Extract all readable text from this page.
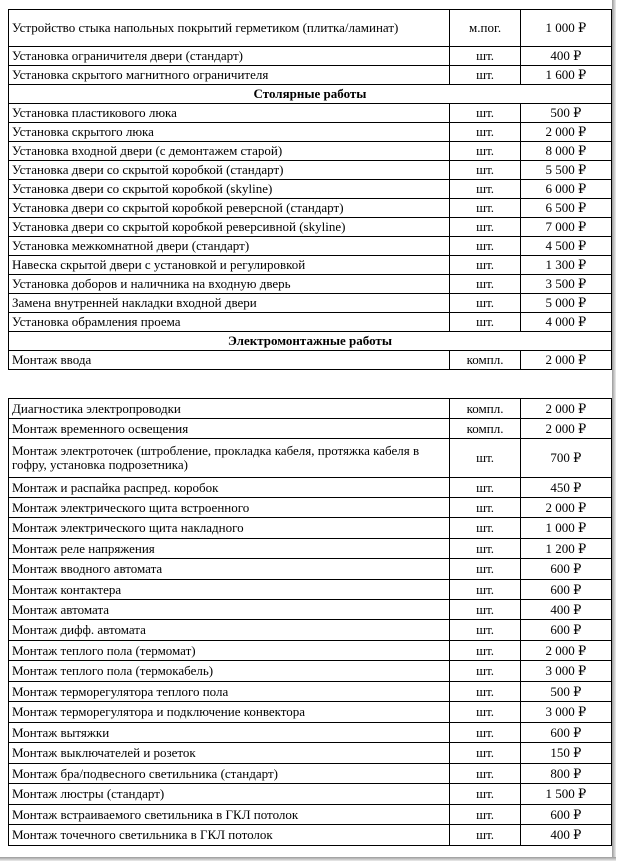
Устройство стыка напольных покрытий герметиком (плитка/ламинат)	м.пог.	1 000 ₽
Установка ограничителя двери (стандарт)	шт.	400 ₽
Установка скрытого магнитного ограничителя	шт.	1 600 ₽
Столярные работы		
Установка пластикового люка	шт.	500 ₽
Установка скрытого люка	шт.	2 000 ₽
Установка входной двери (с демонтажем старой)	шт.	8 000 ₽
Установка двери со скрытой коробкой (стандарт)	шт.	5 500 ₽
Установка двери со скрытой коробкой (skyline)	шт.	6 000 ₽
Установка двери со скрытой коробкой реверсной (стандарт)	шт.	6 500 ₽
Установка двери со скрытой коробкой реверсивной (skyline)	шт.	7 000 ₽
Установка межкомнатной двери (стандарт)	шт.	4 500 ₽
Навеска скрытой двери с установкой и регулировкой	шт.	1 300 ₽
Установка доборов и наличника на входную дверь	шт.	3 500 ₽
Замена внутренней накладки входной двери	шт.	5 000 ₽
Установка обрамления проема	шт.	4 000 ₽
Электромонтажные работы		
Монтаж ввода	компл.	2 000 ₽
Диагностика электропроводки	компл.	2 000 ₽
Монтаж временного освещения	компл.	2 000 ₽
Монтаж электроточек (штробление, прокладка кабеля, протяжка кабеля в гофру, установка подрозетника)	шт.	700 ₽
Монтаж и распайка распред. коробок	шт.	450 ₽
Монтаж электрического щита встроенного	шт.	2 000 ₽
Монтаж электрического щита накладного	шт.	1 000 ₽
Монтаж реле напряжения	шт.	1 200 ₽
Монтаж вводного автомата	шт.	600 ₽
Монтаж контактера	шт.	600 ₽
Монтаж автомата	шт.	400 ₽
Монтаж дифф. автомата	шт.	600 ₽
Монтаж теплого пола (термомат)	шт.	2 000 ₽
Монтаж теплого пола (термокабель)	шт.	3 000 ₽
Монтаж терморегулятора теплого пола	шт.	500 ₽
Монтаж терморегулятора и подключение конвектора	шт.	3 000 ₽
Монтаж вытяжки	шт.	600 ₽
Монтаж выключателей и розеток	шт.	150 ₽
Монтаж бра/подвесного светильника (стандарт)	шт.	800 ₽
Монтаж люстры (стандарт)	шт.	1 500 ₽
Монтаж встраиваемого светильника в ГКЛ потолок	шт.	600 ₽
Монтаж точечного светильника в ГКЛ потолок	шт.	400 ₽
